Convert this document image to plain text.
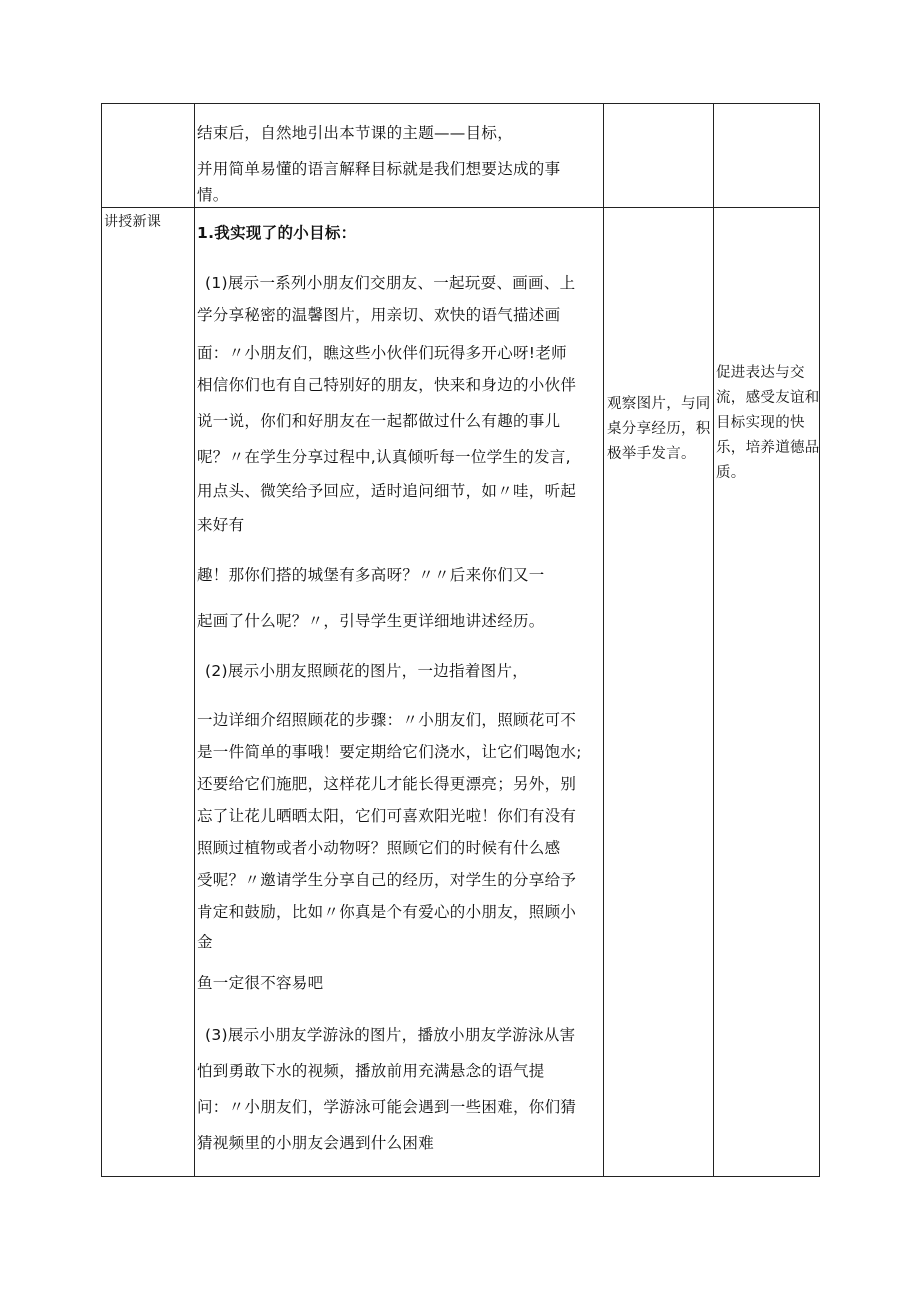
结束后，自然地引出本节课的主题——目标，
并用简单易懂的语言解释目标就是我们想要达成的事
情。
讲授新课
1.我实现了的小目标：
(1)展示一系列小朋友们交朋友、一起玩耍、画画、上
学分享秘密的温馨图片，用亲切、欢快的语气描述画
面：〃小朋友们，瞧这些小伙伴们玩得多开心呀!老师
相信你们也有自己特别好的朋友，快来和身边的小伙伴
说一说，你们和好朋友在一起都做过什么有趣的事儿
呢？〃在学生分享过程中,认真倾听每一位学生的发言,
用点头、微笑给予回应，适时追问细节，如〃哇，听起
来好有
趣！那你们搭的城堡有多高呀？〃〃后来你们又一
起画了什么呢？〃，引导学生更详细地讲述经历。
(2)展示小朋友照顾花的图片，一边指着图片，
一边详细介绍照顾花的步骤：〃小朋友们，照顾花可不
是一件简单的事哦！要定期给它们浇水，让它们喝饱水;
还要给它们施肥，这样花儿才能长得更漂亮；另外，别
忘了让花儿晒晒太阳，它们可喜欢阳光啦！你们有没有
照顾过植物或者小动物呀？照顾它们的时候有什么感
受呢？〃邀请学生分享自己的经历，对学生的分享给予
肯定和鼓励，比如〃你真是个有爱心的小朋友，照顾小
金
鱼一定很不容易吧
(3)展示小朋友学游泳的图片，播放小朋友学游泳从害
怕到勇敢下水的视频，播放前用充满悬念的语气提
问：〃小朋友们，学游泳可能会遇到一些困难，你们猜
猜视频里的小朋友会遇到什么困难
观察图片，与同桌分享经历，积极举手发言。
促进表达与交流，感受友谊和目标实现的快乐，培养道德品质。
